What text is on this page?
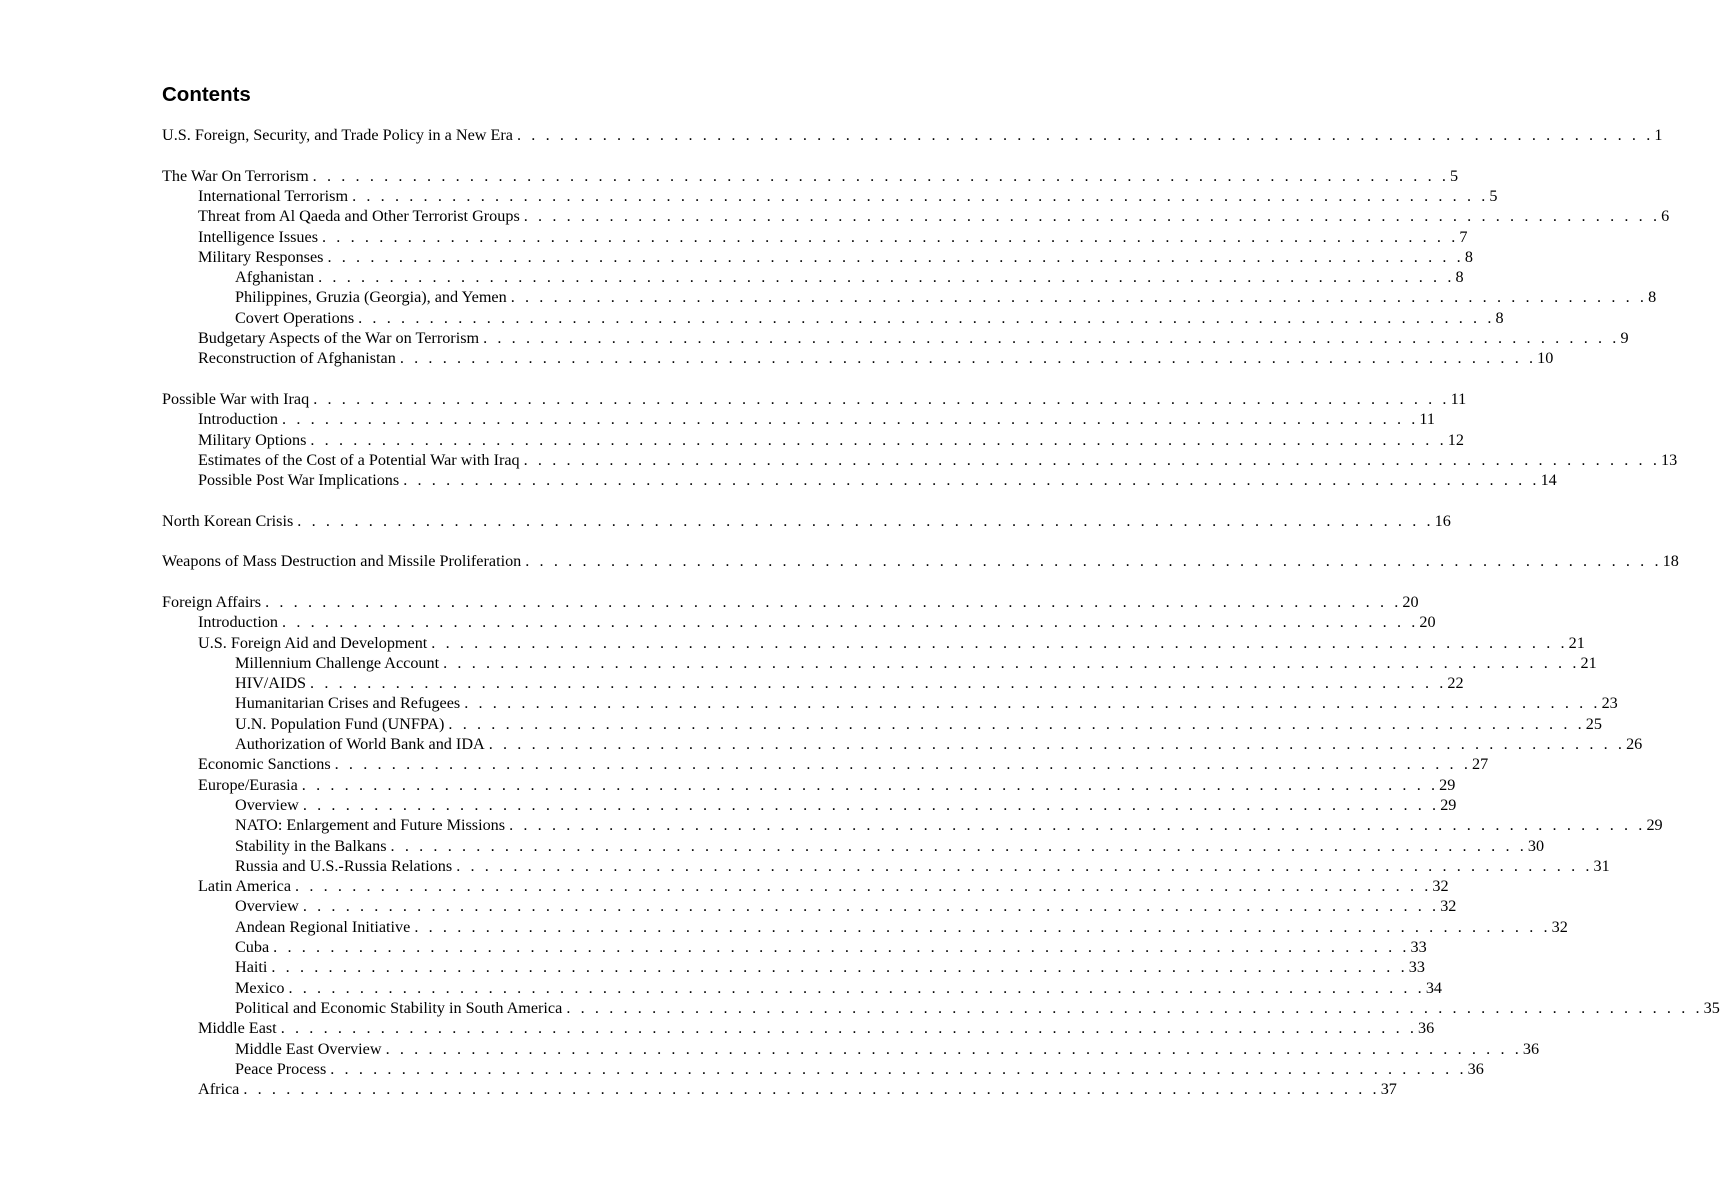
Contents
U.S. Foreign, Security, and Trade Policy in a New Era . . . . . . . . . . . . . . . . . . . . . . . . . . . . . . . . . . . . . . . . . . . . . . . . . . . . . . . . . . . . . . . . . . . . . . . . . . . . . . . . 1
The War On Terrorism . . . . . . . . . . . . . . . . . . . . . . . . . . . . . . . . . . . . . . . . . . . . . . . . . . . . . . . . . . . . . . . . . . . . . . . . . . . . . . . . 5
International Terrorism . . . . . . . . . . . . . . . . . . . . . . . . . . . . . . . . . . . . . . . . . . . . . . . . . . . . . . . . . . . . . . . . . . . . . . . . . . . . . . . . 5
Threat from Al Qaeda and Other Terrorist Groups . . . . . . . . . . . . . . . . . . . . . . . . . . . . . . . . . . . . . . . . . . . . . . . . . . . . . . . . . . . . . . . . . . . . . . . . . . . . . . . . 6
Intelligence Issues . . . . . . . . . . . . . . . . . . . . . . . . . . . . . . . . . . . . . . . . . . . . . . . . . . . . . . . . . . . . . . . . . . . . . . . . . . . . . . . . 7
Military Responses . . . . . . . . . . . . . . . . . . . . . . . . . . . . . . . . . . . . . . . . . . . . . . . . . . . . . . . . . . . . . . . . . . . . . . . . . . . . . . . . 8
Afghanistan . . . . . . . . . . . . . . . . . . . . . . . . . . . . . . . . . . . . . . . . . . . . . . . . . . . . . . . . . . . . . . . . . . . . . . . . . . . . . . . . 8
Philippines, Gruzia (Georgia), and Yemen . . . . . . . . . . . . . . . . . . . . . . . . . . . . . . . . . . . . . . . . . . . . . . . . . . . . . . . . . . . . . . . . . . . . . . . . . . . . . . . . 8
Covert Operations . . . . . . . . . . . . . . . . . . . . . . . . . . . . . . . . . . . . . . . . . . . . . . . . . . . . . . . . . . . . . . . . . . . . . . . . . . . . . . . . 8
Budgetary Aspects of the War on Terrorism . . . . . . . . . . . . . . . . . . . . . . . . . . . . . . . . . . . . . . . . . . . . . . . . . . . . . . . . . . . . . . . . . . . . . . . . . . . . . . . . 9
Reconstruction of Afghanistan . . . . . . . . . . . . . . . . . . . . . . . . . . . . . . . . . . . . . . . . . . . . . . . . . . . . . . . . . . . . . . . . . . . . . . . . . . . . . . . . 10
Possible War with Iraq . . . . . . . . . . . . . . . . . . . . . . . . . . . . . . . . . . . . . . . . . . . . . . . . . . . . . . . . . . . . . . . . . . . . . . . . . . . . . . . . 11
Introduction . . . . . . . . . . . . . . . . . . . . . . . . . . . . . . . . . . . . . . . . . . . . . . . . . . . . . . . . . . . . . . . . . . . . . . . . . . . . . . . . 11
Military Options . . . . . . . . . . . . . . . . . . . . . . . . . . . . . . . . . . . . . . . . . . . . . . . . . . . . . . . . . . . . . . . . . . . . . . . . . . . . . . . . 12
Estimates of the Cost of a Potential War with Iraq . . . . . . . . . . . . . . . . . . . . . . . . . . . . . . . . . . . . . . . . . . . . . . . . . . . . . . . . . . . . . . . . . . . . . . . . . . . . . . . . 13
Possible Post War Implications . . . . . . . . . . . . . . . . . . . . . . . . . . . . . . . . . . . . . . . . . . . . . . . . . . . . . . . . . . . . . . . . . . . . . . . . . . . . . . . . 14
North Korean Crisis . . . . . . . . . . . . . . . . . . . . . . . . . . . . . . . . . . . . . . . . . . . . . . . . . . . . . . . . . . . . . . . . . . . . . . . . . . . . . . . . 16
Weapons of Mass Destruction and Missile Proliferation . . . . . . . . . . . . . . . . . . . . . . . . . . . . . . . . . . . . . . . . . . . . . . . . . . . . . . . . . . . . . . . . . . . . . . . . . . . . . . . . 18
Foreign Affairs . . . . . . . . . . . . . . . . . . . . . . . . . . . . . . . . . . . . . . . . . . . . . . . . . . . . . . . . . . . . . . . . . . . . . . . . . . . . . . . . 20
Introduction . . . . . . . . . . . . . . . . . . . . . . . . . . . . . . . . . . . . . . . . . . . . . . . . . . . . . . . . . . . . . . . . . . . . . . . . . . . . . . . . 20
U.S. Foreign Aid and Development . . . . . . . . . . . . . . . . . . . . . . . . . . . . . . . . . . . . . . . . . . . . . . . . . . . . . . . . . . . . . . . . . . . . . . . . . . . . . . . . 21
Millennium Challenge Account . . . . . . . . . . . . . . . . . . . . . . . . . . . . . . . . . . . . . . . . . . . . . . . . . . . . . . . . . . . . . . . . . . . . . . . . . . . . . . . . 21
HIV/AIDS . . . . . . . . . . . . . . . . . . . . . . . . . . . . . . . . . . . . . . . . . . . . . . . . . . . . . . . . . . . . . . . . . . . . . . . . . . . . . . . . 22
Humanitarian Crises and Refugees . . . . . . . . . . . . . . . . . . . . . . . . . . . . . . . . . . . . . . . . . . . . . . . . . . . . . . . . . . . . . . . . . . . . . . . . . . . . . . . . 23
U.N. Population Fund (UNFPA) . . . . . . . . . . . . . . . . . . . . . . . . . . . . . . . . . . . . . . . . . . . . . . . . . . . . . . . . . . . . . . . . . . . . . . . . . . . . . . . . 25
Authorization of World Bank and IDA . . . . . . . . . . . . . . . . . . . . . . . . . . . . . . . . . . . . . . . . . . . . . . . . . . . . . . . . . . . . . . . . . . . . . . . . . . . . . . . . 26
Economic Sanctions . . . . . . . . . . . . . . . . . . . . . . . . . . . . . . . . . . . . . . . . . . . . . . . . . . . . . . . . . . . . . . . . . . . . . . . . . . . . . . . . 27
Europe/Eurasia . . . . . . . . . . . . . . . . . . . . . . . . . . . . . . . . . . . . . . . . . . . . . . . . . . . . . . . . . . . . . . . . . . . . . . . . . . . . . . . . 29
Overview . . . . . . . . . . . . . . . . . . . . . . . . . . . . . . . . . . . . . . . . . . . . . . . . . . . . . . . . . . . . . . . . . . . . . . . . . . . . . . . . 29
NATO: Enlargement and Future Missions . . . . . . . . . . . . . . . . . . . . . . . . . . . . . . . . . . . . . . . . . . . . . . . . . . . . . . . . . . . . . . . . . . . . . . . . . . . . . . . . 29
Stability in the Balkans . . . . . . . . . . . . . . . . . . . . . . . . . . . . . . . . . . . . . . . . . . . . . . . . . . . . . . . . . . . . . . . . . . . . . . . . . . . . . . . . 30
Russia and U.S.-Russia Relations . . . . . . . . . . . . . . . . . . . . . . . . . . . . . . . . . . . . . . . . . . . . . . . . . . . . . . . . . . . . . . . . . . . . . . . . . . . . . . . . 31
Latin America . . . . . . . . . . . . . . . . . . . . . . . . . . . . . . . . . . . . . . . . . . . . . . . . . . . . . . . . . . . . . . . . . . . . . . . . . . . . . . . . 32
Overview . . . . . . . . . . . . . . . . . . . . . . . . . . . . . . . . . . . . . . . . . . . . . . . . . . . . . . . . . . . . . . . . . . . . . . . . . . . . . . . . 32
Andean Regional Initiative . . . . . . . . . . . . . . . . . . . . . . . . . . . . . . . . . . . . . . . . . . . . . . . . . . . . . . . . . . . . . . . . . . . . . . . . . . . . . . . . 32
Cuba . . . . . . . . . . . . . . . . . . . . . . . . . . . . . . . . . . . . . . . . . . . . . . . . . . . . . . . . . . . . . . . . . . . . . . . . . . . . . . . . 33
Haiti . . . . . . . . . . . . . . . . . . . . . . . . . . . . . . . . . . . . . . . . . . . . . . . . . . . . . . . . . . . . . . . . . . . . . . . . . . . . . . . . 33
Mexico . . . . . . . . . . . . . . . . . . . . . . . . . . . . . . . . . . . . . . . . . . . . . . . . . . . . . . . . . . . . . . . . . . . . . . . . . . . . . . . . 34
Political and Economic Stability in South America . . . . . . . . . . . . . . . . . . . . . . . . . . . . . . . . . . . . . . . . . . . . . . . . . . . . . . . . . . . . . . . . . . . . . . . . . . . . . . . . 35
Middle East . . . . . . . . . . . . . . . . . . . . . . . . . . . . . . . . . . . . . . . . . . . . . . . . . . . . . . . . . . . . . . . . . . . . . . . . . . . . . . . . 36
Middle East Overview . . . . . . . . . . . . . . . . . . . . . . . . . . . . . . . . . . . . . . . . . . . . . . . . . . . . . . . . . . . . . . . . . . . . . . . . . . . . . . . . 36
Peace Process . . . . . . . . . . . . . . . . . . . . . . . . . . . . . . . . . . . . . . . . . . . . . . . . . . . . . . . . . . . . . . . . . . . . . . . . . . . . . . . . 36
Africa . . . . . . . . . . . . . . . . . . . . . . . . . . . . . . . . . . . . . . . . . . . . . . . . . . . . . . . . . . . . . . . . . . . . . . . . . . . . . . . . 37
